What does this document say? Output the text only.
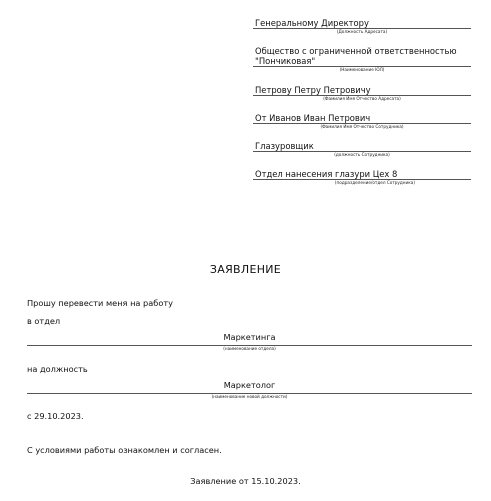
Генеральному Директору
(Должность Адресата)
Общество с ограниченной ответственностью "Пончиковая"
(Наименование ЮЛ)
Петрову Петру Петровичу
(Фамилия Имя Отчество Адресата)
От Иванов Иван Петрович
(Фамилия Имя Отчество Сотрудника)
Глазуровщик
(должность Сотрудника)
Отдел нанесения глазури Цех 8
(подразделение/отдел Сотрудника)
ЗАЯВЛЕНИЕ
Прошу перевести меня на работу
в отдел
Маркетинга
(наименование отдела)
на должность
Маркетолог
(наименование новой должности)
с 29.10.2023.
С условиями работы ознакомлен и согласен.
Заявление от 15.10.2023.
